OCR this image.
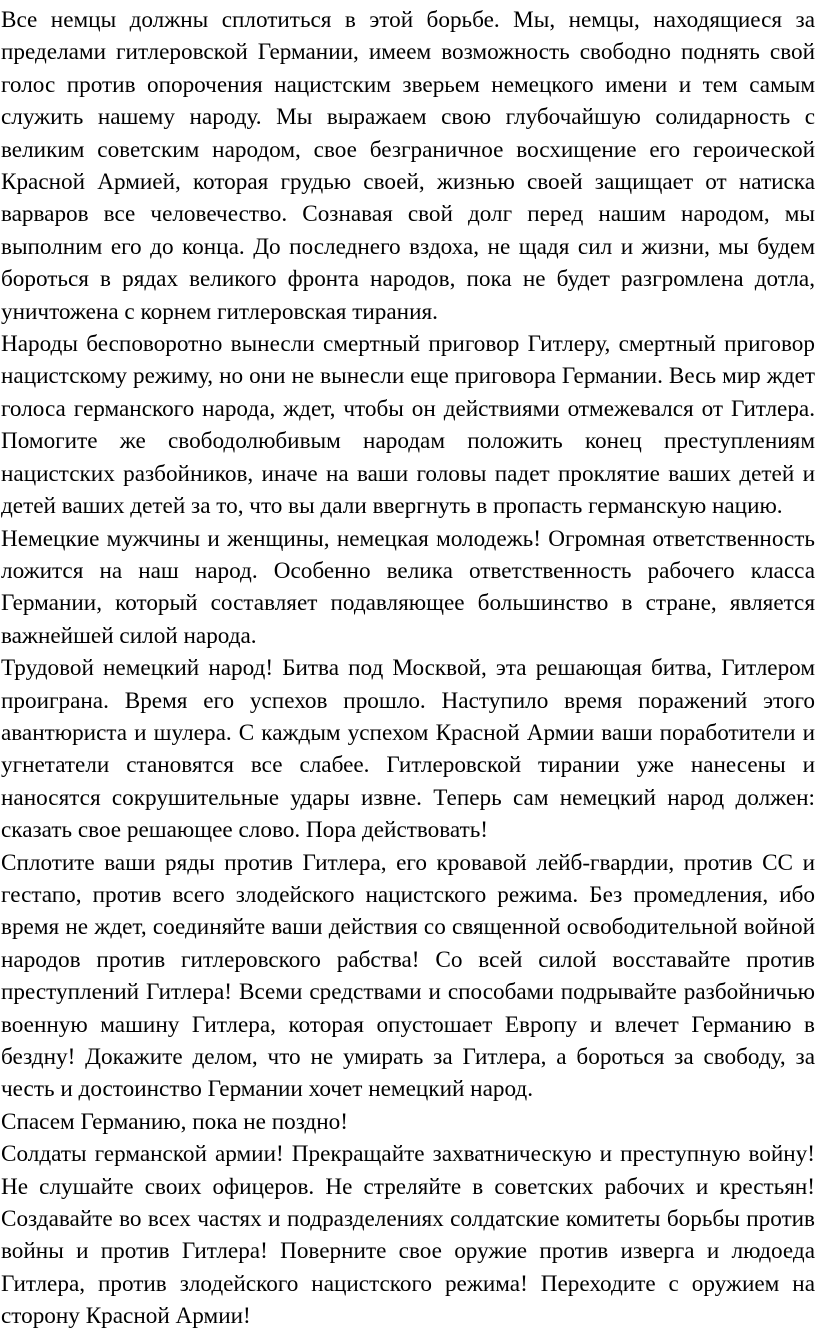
Все немцы должны сплотиться в этой борьбе. Мы, немцы, находящиеся за пределами гитлеровской Германии, имеем возможность свободно поднять свой голос против опорочения нацистским зверьем немецкого имени и тем самым служить нашему народу. Мы выражаем свою глубочайшую солидарность с великим советским народом, свое безграничное восхищение его героической Красной Армией, которая грудью своей, жизнью своей защищает от натиска варваров все человечество. Сознавая свой долг перед нашим народом, мы выполним его до конца. До последнего вздоха, не щадя сил и жизни, мы будем бороться в рядах великого фронта народов, пока не будет разгромлена дотла, уничтожена с корнем гитлеровская тирания.

Народы бесповоротно вынесли смертный приговор Гитлеру, смертный приговор нацистскому режиму, но они не вынесли еще приговора Германии. Весь мир ждет голоса германского народа, ждет, чтобы он действиями отмежевался от Гитлера. Помогите же свободолюбивым народам положить конец преступлениям нацистских разбойников, иначе на ваши головы падет проклятие ваших детей и детей ваших детей за то, что вы дали ввергнуть в пропасть германскую нацию.

Немецкие мужчины и женщины, немецкая молодежь! Огромная ответственность ложится на наш народ. Особенно велика ответственность рабочего класса Германии, который составляет подавляющее большинство в стране, является важнейшей силой народа.

Трудовой немецкий народ! Битва под Москвой, эта решающая битва, Гитлером проиграна. Время его успехов прошло. Наступило время поражений этого авантюриста и шулера. С каждым успехом Красной Армии ваши поработители и угнетатели становятся все слабее. Гитлеровской тирании уже нанесены и наносятся сокрушительные удары извне. Теперь сам немецкий народ должен: сказать свое решающее слово. Пора действовать!

Сплотите ваши ряды против Гитлера, его кровавой лейб-гвардии, против СС и гестапо, против всего злодейского нацистского режима. Без промедления, ибо время не ждет, соединяйте ваши действия со священной освободительной войной народов против гитлеровского рабства! Со всей силой восставайте против преступлений Гитлера! Всеми средствами и способами подрывайте разбойничью военную машину Гитлера, которая опустошает Европу и влечет Германию в бездну! Докажите делом, что не умирать за Гитлера, а бороться за свободу, за честь и достоинство Германии хочет немецкий народ.

Спасем Германию, пока не поздно!

Солдаты германской армии! Прекращайте захватническую и преступную войну! Не слушайте своих офицеров. Не стреляйте в советских рабочих и крестьян! Создавайте во всех частях и подразделениях солдатские комитеты борьбы против войны и против Гитлера! Поверните свое оружие против изверга и людоеда Гитлера, против злодейского нацистского режима! Переходите с оружием на сторону Красной Армии!
